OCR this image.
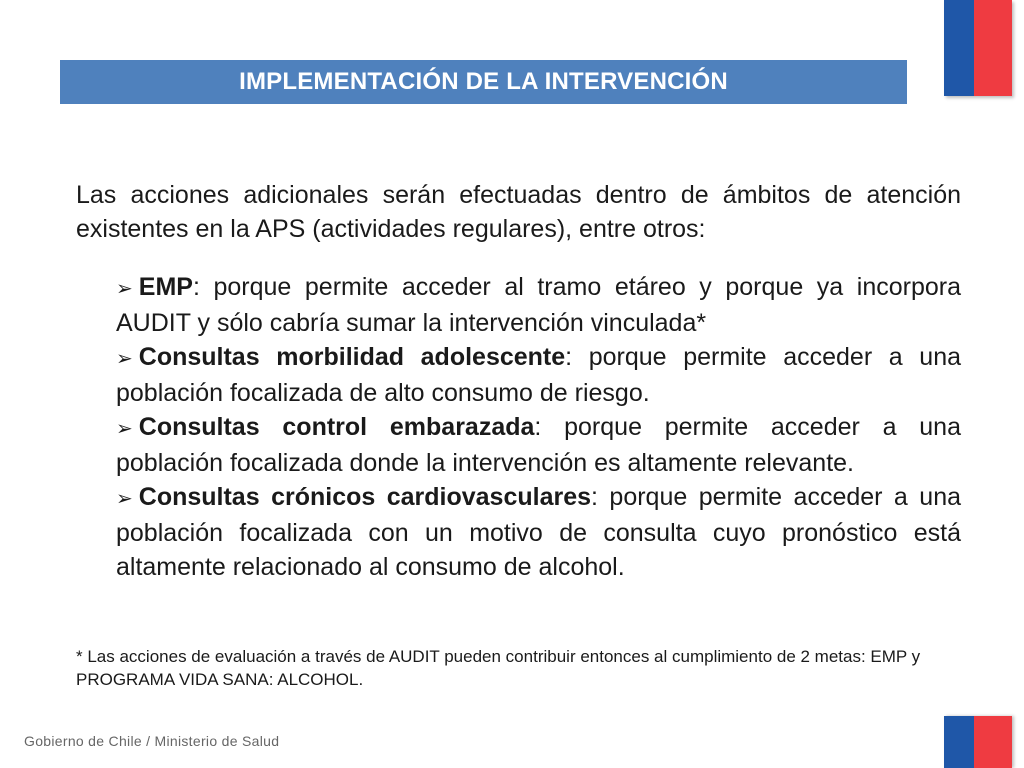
IMPLEMENTACIÓN DE LA INTERVENCIÓN

Las acciones adicionales serán efectuadas dentro de ámbitos de atención existentes en la APS (actividades regulares), entre otros:

➢ EMP: porque permite acceder al tramo etáreo y porque ya incorpora AUDIT y sólo cabría sumar la intervención vinculada*
➢ Consultas morbilidad adolescente: porque permite acceder a una población focalizada de alto consumo de riesgo.
➢ Consultas control embarazada: porque permite acceder a una población focalizada donde la intervención es altamente relevante.
➢ Consultas crónicos cardiovasculares: porque permite acceder a una población focalizada con un motivo de consulta cuyo pronóstico está altamente relacionado al consumo de alcohol.

* Las acciones de evaluación a través de AUDIT pueden contribuir entonces al cumplimiento de 2 metas: EMP y PROGRAMA VIDA SANA: ALCOHOL.

Gobierno de Chile / Ministerio de Salud
